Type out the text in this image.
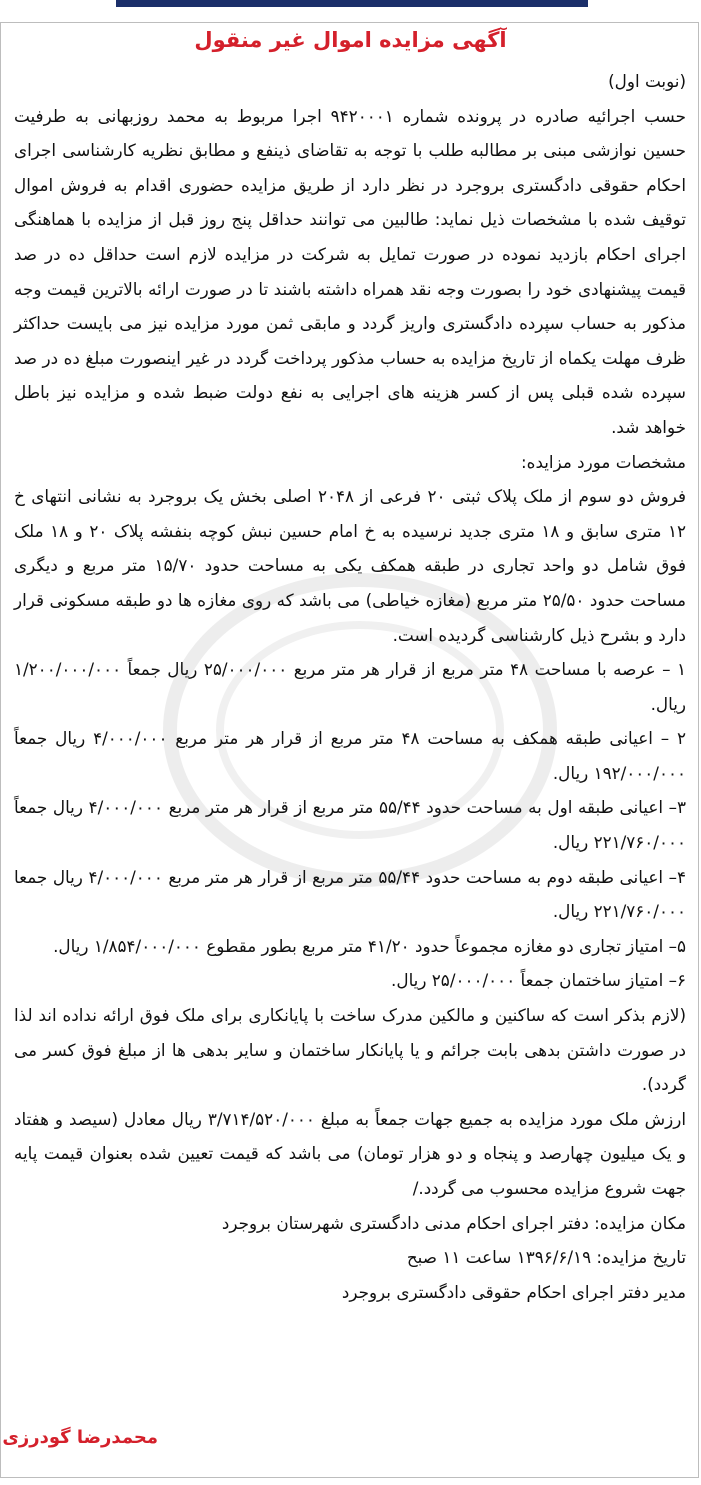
آگهی مزایده اموال غیر منقول

(نوبت اول)

حسب اجرائیه صادره در پرونده شماره ۹۴۲۰۰۰۱ اجرا مربوط به محمد روزبهانی به طرفیت حسین نوازشی مبنی بر مطالبه طلب با توجه به تقاضای ذینفع و مطابق نظریه کارشناسی اجرای احکام حقوقی دادگستری بروجرد در نظر دارد از طریق مزایده حضوری اقدام به فروش اموال توقیف شده با مشخصات ذیل نماید: طالبین می توانند حداقل پنج روز قبل از مزایده با هماهنگی اجرای احکام بازدید نموده در صورت تمایل به شرکت در مزایده لازم است حداقل ده در صد قیمت پیشنهادی خود را بصورت وجه نقد همراه داشته باشند تا در صورت ارائه بالاترین قیمت وجه مذکور به حساب سپرده دادگستری واریز گردد و مابقی ثمن مورد مزایده نیز می بایست حداکثر ظرف مهلت یکماه از تاریخ مزایده به حساب مذکور پرداخت گردد در غیر اینصورت مبلغ ده در صد سپرده شده قبلی پس از کسر هزینه های اجرایی به نفع دولت ضبط شده و مزایده نیز باطل خواهد شد.

مشخصات مورد مزایده:

فروش دو سوم از ملک پلاک ثبتی ۲۰ فرعی از ۲۰۴۸ اصلی بخش یک بروجرد به نشانی انتهای خ ۱۲ متری سابق و ۱۸ متری جدید نرسیده به خ امام حسین نبش کوچه بنفشه پلاک ۲۰ و ۱۸ ملک فوق شامل دو واحد تجاری در طبقه همکف یکی به مساحت حدود ۱۵/۷۰ متر مربع و دیگری مساحت حدود ۲۵/۵۰ متر مربع (مغازه خیاطی) می باشد که روی مغازه ها دو طبقه مسکونی قرار دارد و بشرح ذیل کارشناسی گردیده است.

۱ – عرصه با مساحت ۴۸ متر مربع از قرار هر متر مربع ۲۵/۰۰۰/۰۰۰ ریال جمعاً ۱/۲۰۰/۰۰۰/۰۰۰ ریال.

۲ – اعیانی طبقه همکف به مساحت ۴۸ متر مربع از قرار هر متر مربع ۴/۰۰۰/۰۰۰ ریال جمعاً ۱۹۲/۰۰۰/۰۰۰ ریال.

۳– اعیانی طبقه اول به مساحت حدود ۵۵/۴۴ متر مربع از قرار هر متر مربع ۴/۰۰۰/۰۰۰ ریال جمعاً ۲۲۱/۷۶۰/۰۰۰ ریال.

۴– اعیانی طبقه دوم به مساحت حدود ۵۵/۴۴ متر مربع از قرار هر متر مربع ۴/۰۰۰/۰۰۰ ریال جمعا ۲۲۱/۷۶۰/۰۰۰ ریال.

۵– امتیاز تجاری دو مغازه مجموعاً حدود ۴۱/۲۰ متر مربع بطور مقطوع ۱/۸۵۴/۰۰۰/۰۰۰ ریال.

۶– امتیاز ساختمان جمعاً ۲۵/۰۰۰/۰۰۰ ریال.

(لازم بذکر است که ساکنین و مالکین مدرک ساخت با پایانکاری برای ملک فوق ارائه نداده اند لذا در صورت داشتن بدهی بابت جرائم و یا پایانکار ساختمان و سایر بدهی ها از مبلغ فوق کسر می گردد).

ارزش ملک مورد مزایده به جمیع جهات جمعاً به مبلغ ۳/۷۱۴/۵۲۰/۰۰۰ ریال معادل (سیصد و هفتاد و یک میلیون چهارصد و پنجاه و دو هزار تومان) می باشد که قیمت تعیین شده بعنوان قیمت پایه جهت شروع مزایده محسوب می گردد./

مکان مزایده: دفتر اجرای احکام مدنی دادگستری شهرستان بروجرد

تاریخ مزایده: ۱۳۹۶/۶/۱۹ ساعت ۱۱ صبح

مدیر دفتر اجرای احکام حقوقی دادگستری بروجرد

محمدرضا گودرزی
